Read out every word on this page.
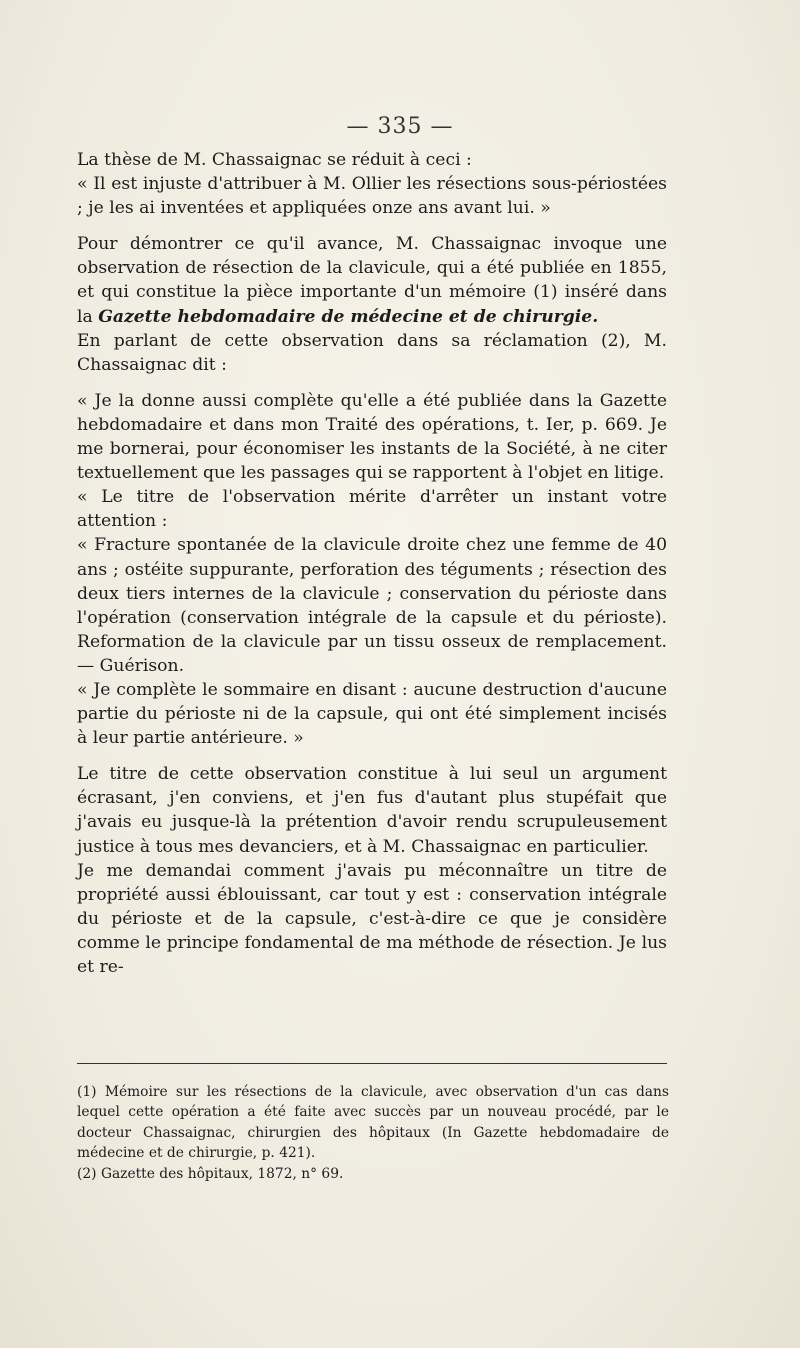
— 335 —

La thèse de M. Chassaignac se réduit à ceci :

« Il est injuste d'attribuer à M. Ollier les résections sous-périostées ; je les ai inventées et appliquées onze ans avant lui. »

Pour démontrer ce qu'il avance, M. Chassaignac invoque une observation de résection de la clavicule, qui a été publiée en 1855, et qui constitue la pièce importante d'un mémoire (1) inséré dans la Gazette hebdomadaire de médecine et de chirurgie.

En parlant de cette observation dans sa réclamation (2), M. Chassaignac dit :

« Je la donne aussi complète qu'elle a été publiée dans la Gazette hebdomadaire et dans mon Traité des opérations, t. Ier, p. 669. Je me bornerai, pour économiser les instants de la Société, à ne citer textuellement que les passages qui se rapportent à l'objet en litige.

« Le titre de l'observation mérite d'arrêter un instant votre attention :

« Fracture spontanée de la clavicule droite chez une femme de 40 ans ; ostéite suppurante, perforation des téguments ; résection des deux tiers internes de la clavicule ; conservation du périoste dans l'opération (conservation intégrale de la capsule et du périoste). Reformation de la clavicule par un tissu osseux de remplacement. — Guérison.

« Je complète le sommaire en disant : aucune destruction d'aucune partie du périoste ni de la capsule, qui ont été simplement incisés à leur partie antérieure. »

Le titre de cette observation constitue à lui seul un argument écrasant, j'en conviens, et j'en fus d'autant plus stupéfait que j'avais eu jusque-là la prétention d'avoir rendu scrupuleusement justice à tous mes devanciers, et à M. Chassaignac en particulier.

Je me demandai comment j'avais pu méconnaître un titre de propriété aussi éblouissant, car tout y est : conservation intégrale du périoste et de la capsule, c'est-à-dire ce que je considère comme le principe fondamental de ma méthode de résection. Je lus et re-

(1) Mémoire sur les résections de la clavicule, avec observation d'un cas dans lequel cette opération a été faite avec succès par un nouveau procédé, par le docteur Chassaignac, chirurgien des hôpitaux (In Gazette hebdomadaire de médecine et de chirurgie, p. 421).

(2) Gazette des hôpitaux, 1872, n° 69.
